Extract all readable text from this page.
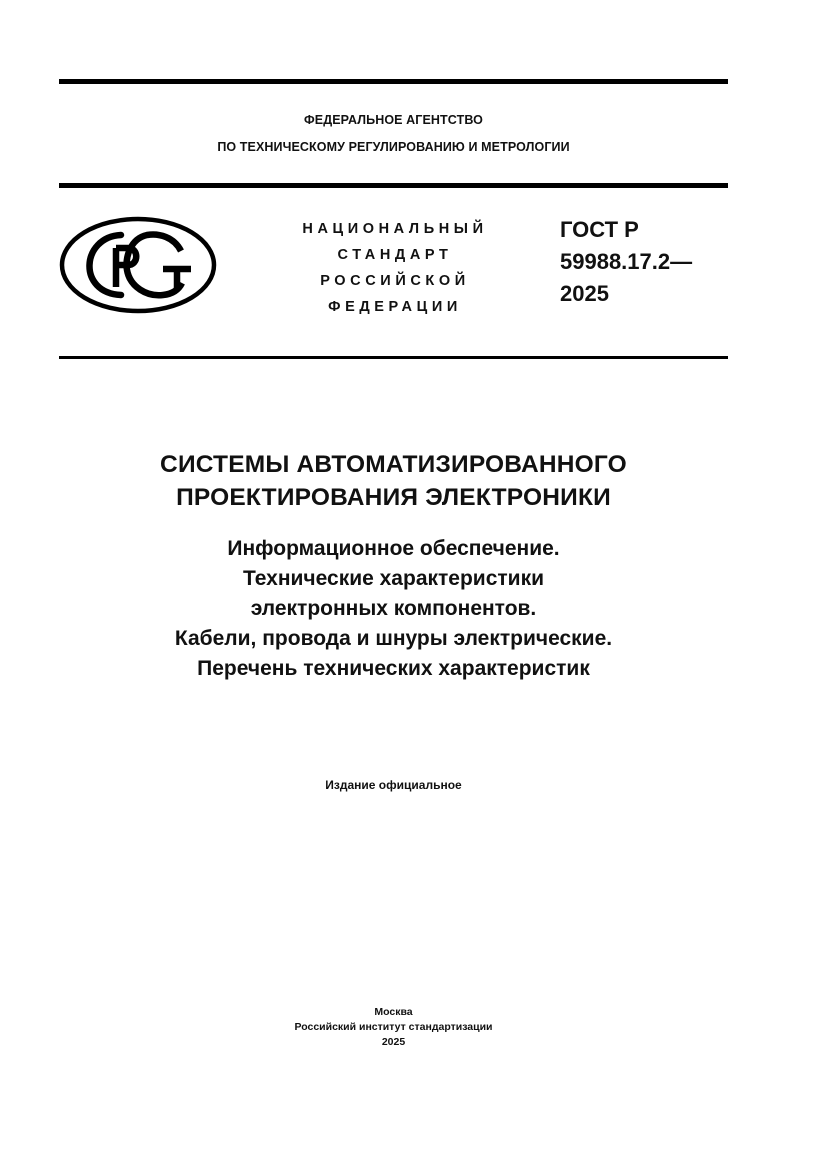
ФЕДЕРАЛЬНОЕ АГЕНТСТВО
ПО ТЕХНИЧЕСКОМУ РЕГУЛИРОВАНИЮ И МЕТРОЛОГИИ
НАЦИОНАЛЬНЫЙ
СТАНДАРТ
РОССИЙСКОЙ
ФЕДЕРАЦИИ
ГОСТ Р
59988.17.2—
2025
СИСТЕМЫ АВТОМАТИЗИРОВАННОГО
ПРОЕКТИРОВАНИЯ ЭЛЕКТРОНИКИ
Информационное обеспечение.
Технические характеристики
электронных компонентов.
Кабели, провода и шнуры электрические.
Перечень технических характеристик
Издание официальное
Москва
Российский институт стандартизации
2025
